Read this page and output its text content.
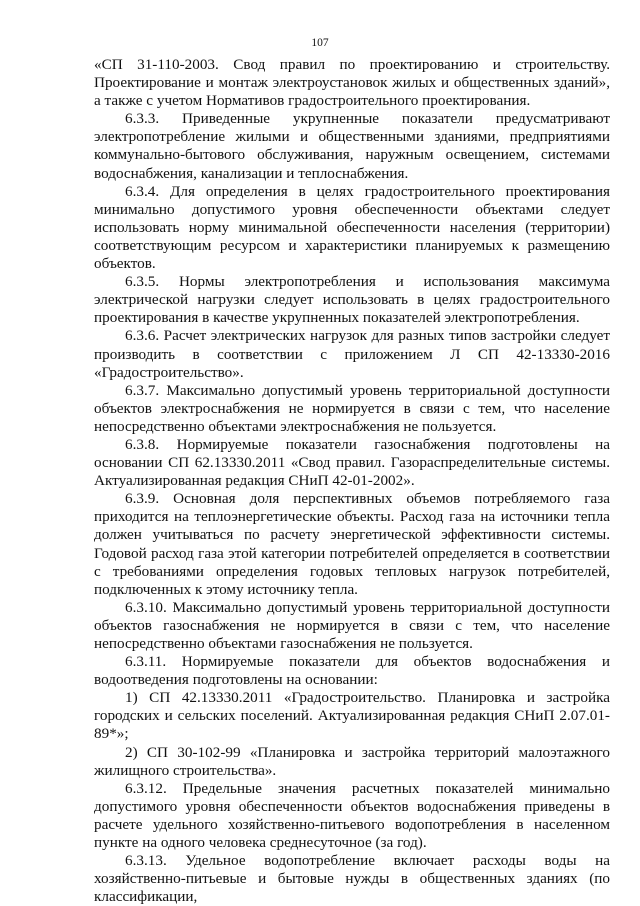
107

«СП 31-110-2003. Свод правил по проектированию и строительству. Проектирование и монтаж электроустановок жилых и общественных зданий», а также с учетом Нормативов градостроительного проектирования.

6.3.3. Приведенные укрупненные показатели предусматривают электропотребление жилыми и общественными зданиями, предприятиями коммунально-бытового обслуживания, наружным освещением, системами водоснабжения, канализации и теплоснабжения.

6.3.4. Для определения в целях градостроительного проектирования минимально допустимого уровня обеспеченности объектами следует использовать норму минимальной обеспеченности населения (территории) соответствующим ресурсом и характеристики планируемых к размещению объектов.

6.3.5. Нормы электропотребления и использования максимума электрической нагрузки следует использовать в целях градостроительного проектирования в качестве укрупненных показателей электропотребления.

6.3.6. Расчет электрических нагрузок для разных типов застройки следует производить в соответствии с приложением Л СП 42-13330-2016 «Градостроительство».

6.3.7. Максимально допустимый уровень территориальной доступности объектов электроснабжения не нормируется в связи с тем, что население непосредственно объектами электроснабжения не пользуется.

6.3.8. Нормируемые показатели газоснабжения подготовлены на основании СП 62.13330.2011 «Свод правил. Газораспределительные системы. Актуализированная редакция СНиП 42-01-2002».

6.3.9. Основная доля перспективных объемов потребляемого газа приходится на теплоэнергетические объекты. Расход газа на источники тепла должен учитываться по расчету энергетической эффективности системы. Годовой расход газа этой категории потребителей определяется в соответствии с требованиями определения годовых тепловых нагрузок потребителей, подключенных к этому источнику тепла.

6.3.10. Максимально допустимый уровень территориальной доступности объектов газоснабжения не нормируется в связи с тем, что население непосредственно объектами газоснабжения не пользуется.

6.3.11. Нормируемые показатели для объектов водоснабжения и водоотведения подготовлены на основании:

1) СП 42.13330.2011 «Градостроительство. Планировка и застройка городских и сельских поселений. Актуализированная редакция СНиП 2.07.01-89*»;

2) СП 30-102-99 «Планировка и застройка территорий малоэтажного жилищного строительства».

6.3.12. Предельные значения расчетных показателей минимально допустимого уровня обеспеченности объектов водоснабжения приведены в расчете удельного хозяйственно-питьевого водопотребления в населенном пункте на одного человека среднесуточное (за год).

6.3.13. Удельное водопотребление включает расходы воды на хозяйственно-питьевые и бытовые нужды в общественных зданиях (по классификации,
